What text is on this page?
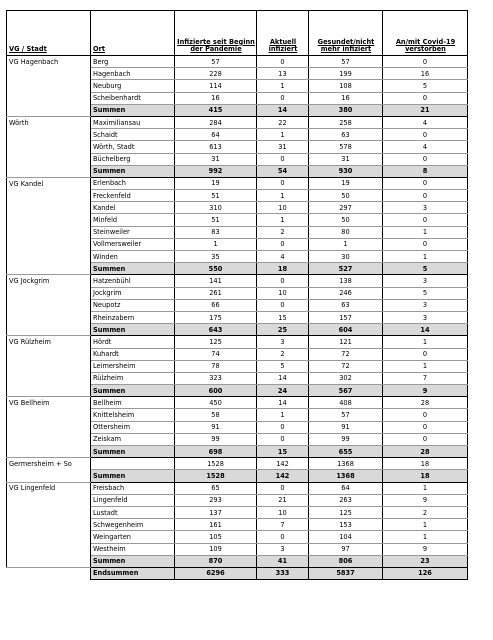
VG / Stadt	Ort	Infizierte seit Beginn der Pandemie	Aktuell infiziert	Gesundet/nicht mehr infiziert	An/mit Covid-19 verstorben
VG Hagenbach	Berg	57	0	57	0
	Hagenbach	228	13	199	16
	Neuburg	114	1	108	5
	Scheibenhardt	16	0	16	0
	Summen	415	14	380	21
Wörth	Maximiliansau	284	22	258	4
	Schaidt	64	1	63	0
	Wörth, Stadt	613	31	578	4
	Büchelberg	31	0	31	0
	Summen	992	54	930	8
VG Kandel	Erlenbach	19	0	19	0
	Freckenfeld	51	1	50	0
	Kandel	310	10	297	3
	Minfeld	51	1	50	0
	Steinweiler	83	2	80	1
	Vollmersweiler	1	0	1	0
	Winden	35	4	30	1
	Summen	550	18	527	5
VG Jockgrim	Hatzenbühl	141	0	138	3
	Jockgrim	261	10	246	5
	Neupotz	66	0	63	3
	Rheinzabern	175	15	157	3
	Summen	643	25	604	14
VG Rülzheim	Hördt	125	3	121	1
	Kuhardt	74	2	72	0
	Leimersheim	78	5	72	1
	Rülzheim	323	14	302	7
	Summen	600	24	567	9
VG Bellheim	Bellheim	450	14	408	28
	Knittelsheim	58	1	57	0
	Ottersheim	91	0	91	0
	Zeiskam	99	0	99	0
	Summen	698	15	655	28
Germersheim + So		1528	142	1368	18
	Summen	1528	142	1368	18
VG Lingenfeld	Freisbach	65	0	64	1
	Lingenfeld	293	21	263	9
	Lustadt	137	10	125	2
	Schwegenheim	161	7	153	1
	Weingarten	105	0	104	1
	Westheim	109	3	97	9
	Summen	870	41	806	23
	Endsummen	6296	333	5837	126
